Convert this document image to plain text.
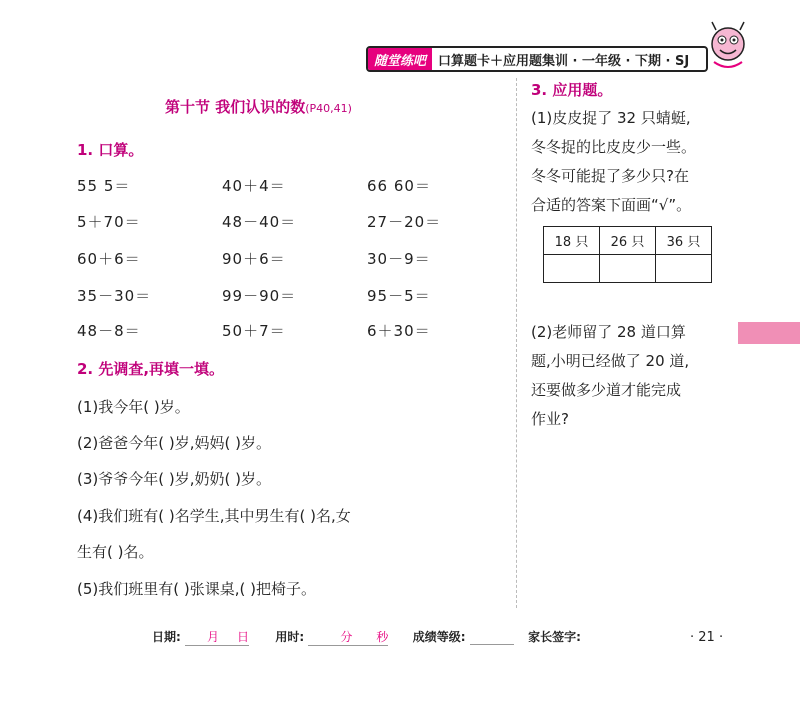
随堂练吧 口算题卡＋应用题集训 · 一年级 · 下期 · SJ
第十节 我们认识的数(P40,41)
1. 口算。
55 5＝	40＋4＝	66 60＝
5＋70＝	48－40＝	27－20＝
60＋6＝	90＋6＝	30－9＝
35－30＝	99－90＝	95－5＝
48－8＝	50＋7＝	6＋30＝
2. 先调查,再填一填。
(1)我今年( )岁。
(2)爸爸今年( )岁,妈妈( )岁。
(3)爷爷今年( )岁,奶奶( )岁。
(4)我们班有( )名学生,其中男生有( )名,女
生有( )名。
(5)我们班里有( )张课桌,( )把椅子。
3. 应用题。
(1)皮皮捉了 32 只蜻蜓,
冬冬捉的比皮皮少一些。
冬冬可能捉了多少只?在
合适的答案下面画“√”。
18 只	26 只	36 只

(2)老师留了 28 道口算
题,小明已经做了 20 道,
还要做多少道才能完成
作业?
日期: 月 日 用时:	分 秒 成绩等级:	家长签字:	· 21 ·
